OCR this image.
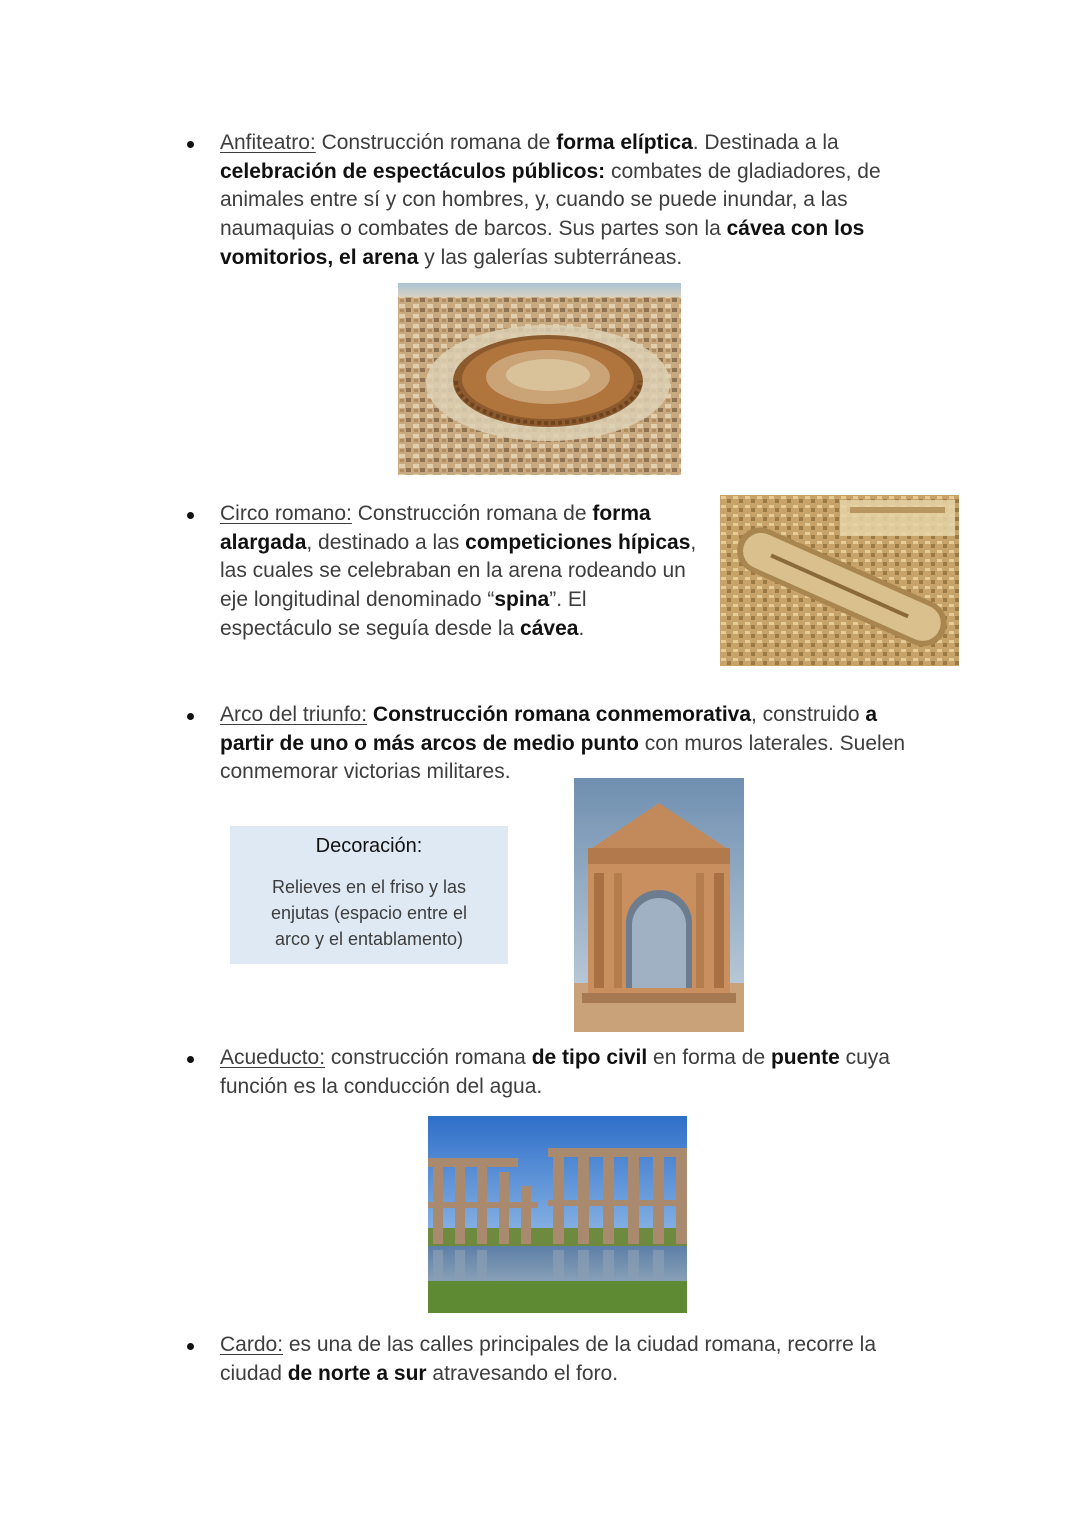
Anfiteatro: Construcción romana de forma elíptica. Destinada a la
celebración de espectáculos públicos: combates de gladiadores, de
animales entre sí y con hombres, y, cuando se puede inundar, a las
naumaquias o combates de barcos. Sus partes son la cávea con los
vomitorios, el arena y las galerías subterráneas.
Circo romano: Construcción romana de forma
alargada, destinado a las competiciones hípicas,
las cuales se celebraban en la arena rodeando un
eje longitudinal denominado “spina”. El
espectáculo se seguía desde la cávea.
Arco del triunfo: Construcción romana conmemorativa, construido a
partir de uno o más arcos de medio punto con muros laterales. Suelen
conmemorar victorias militares.
Decoración:
Relieves en el friso y las
enjutas (espacio entre el
arco y el entablamento)
Acueducto: construcción romana de tipo civil en forma de puente cuya
función es la conducción del agua.
Cardo: es una de las calles principales de la ciudad romana, recorre la
ciudad de norte a sur atravesando el foro.
